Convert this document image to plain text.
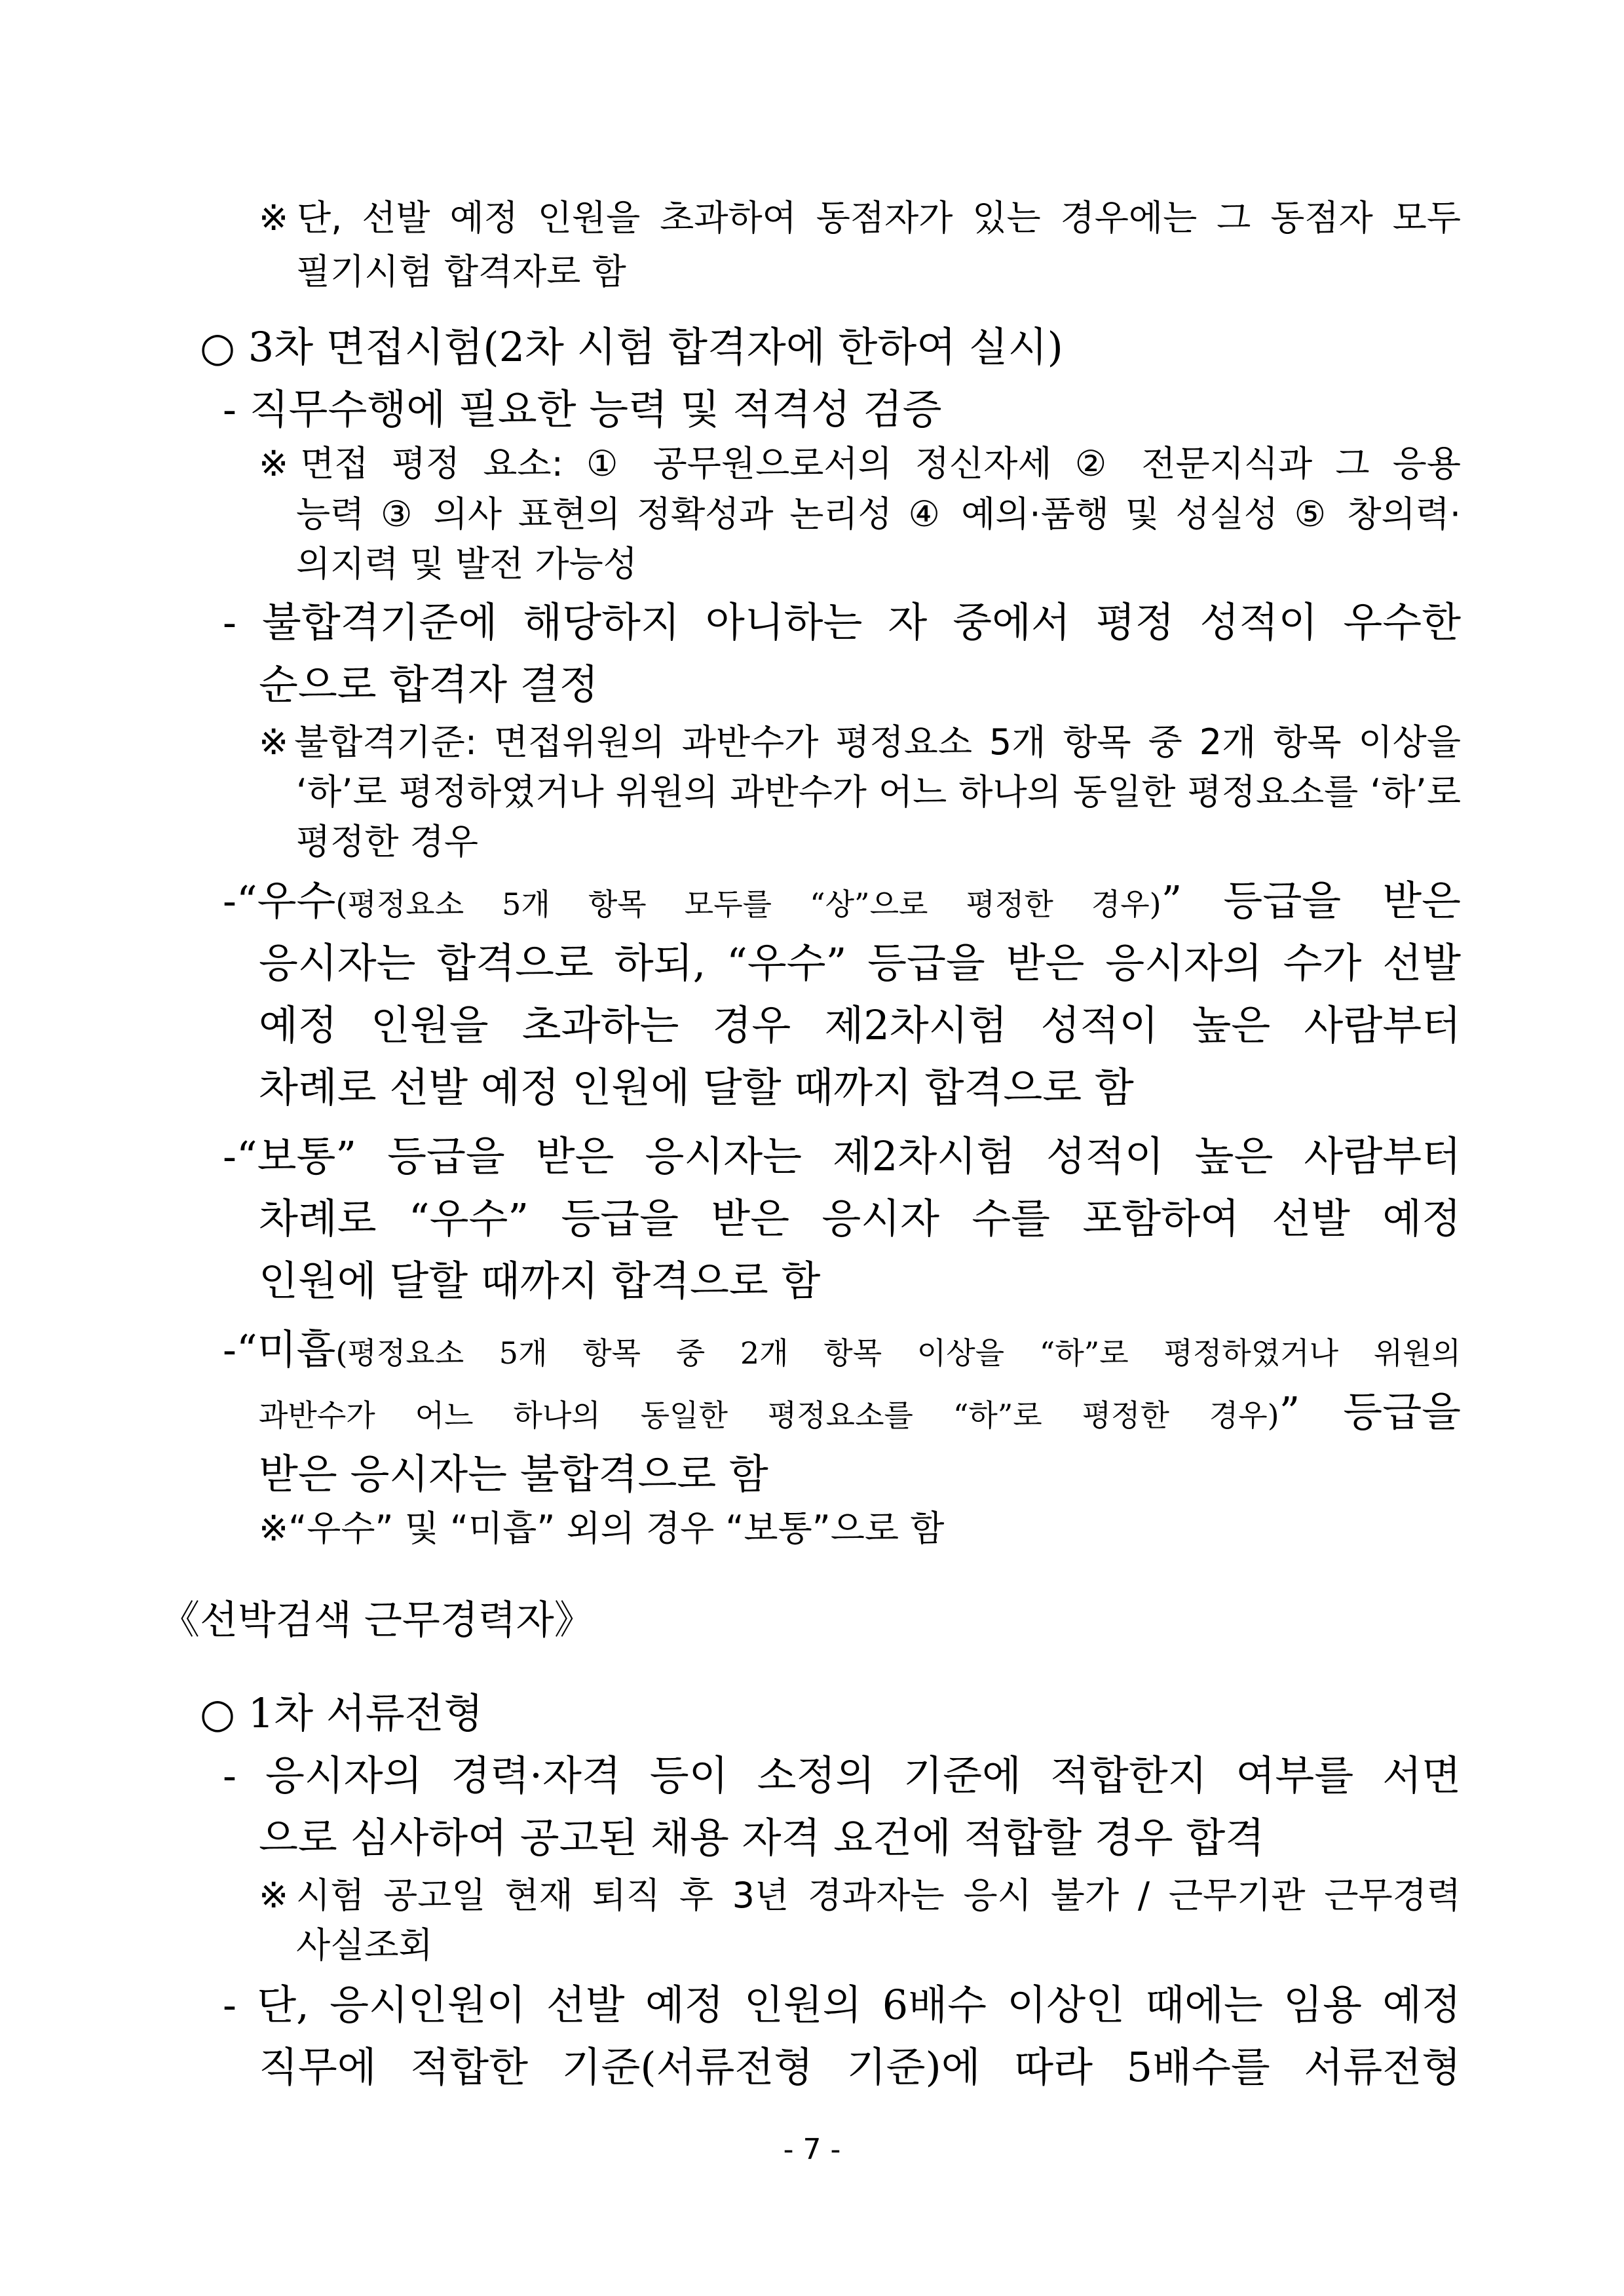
※단, 선발 예정 인원을 초과하여 동점자가 있는 경우에는 그 동점자 모두
필기시험 합격자로 함
○ 3차 면접시험(2차 시험 합격자에 한하여 실시)
- 직무수행에 필요한 능력 및 적격성 검증
※면접 평정 요소: ① 공무원으로서의 정신자세 ② 전문지식과 그 응용
능력 ③ 의사 표현의 정확성과 논리성 ④ 예의·품행 및 성실성 ⑤ 창의력·
의지력 및 발전 가능성
- 불합격기준에 해당하지 아니하는 자 중에서 평정 성적이 우수한
순으로 합격자 결정
※불합격기준: 면접위원의 과반수가 평정요소 5개 항목 중 2개 항목 이상을
‘하’로 평정하였거나 위원의 과반수가 어느 하나의 동일한 평정요소를 ‘하’로
평정한 경우
-“우수(평정요소 5개 항목 모두를 “상”으로 평정한 경우)” 등급을 받은
응시자는 합격으로 하되, “우수” 등급을 받은 응시자의 수가 선발
예정 인원을 초과하는 경우 제2차시험 성적이 높은 사람부터
차례로 선발 예정 인원에 달할 때까지 합격으로 함
-“보통” 등급을 받은 응시자는 제2차시험 성적이 높은 사람부터
차례로 “우수” 등급을 받은 응시자 수를 포함하여 선발 예정
인원에 달할 때까지 합격으로 함
-“미흡(평정요소 5개 항목 중 2개 항목 이상을 “하”로 평정하였거나 위원의
과반수가 어느 하나의 동일한 평정요소를 “하”로 평정한 경우)” 등급을
받은 응시자는 불합격으로 함
※“우수” 및 “미흡” 외의 경우 “보통”으로 함
《선박검색 근무경력자》
○ 1차 서류전형
- 응시자의 경력·자격 등이 소정의 기준에 적합한지 여부를 서면
으로 심사하여 공고된 채용 자격 요건에 적합할 경우 합격
※시험 공고일 현재 퇴직 후 3년 경과자는 응시 불가 / 근무기관 근무경력
사실조회
- 단, 응시인원이 선발 예정 인원의 6배수 이상인 때에는 임용 예정
직무에 적합한 기준(서류전형 기준)에 따라 5배수를 서류전형
- 7 -
